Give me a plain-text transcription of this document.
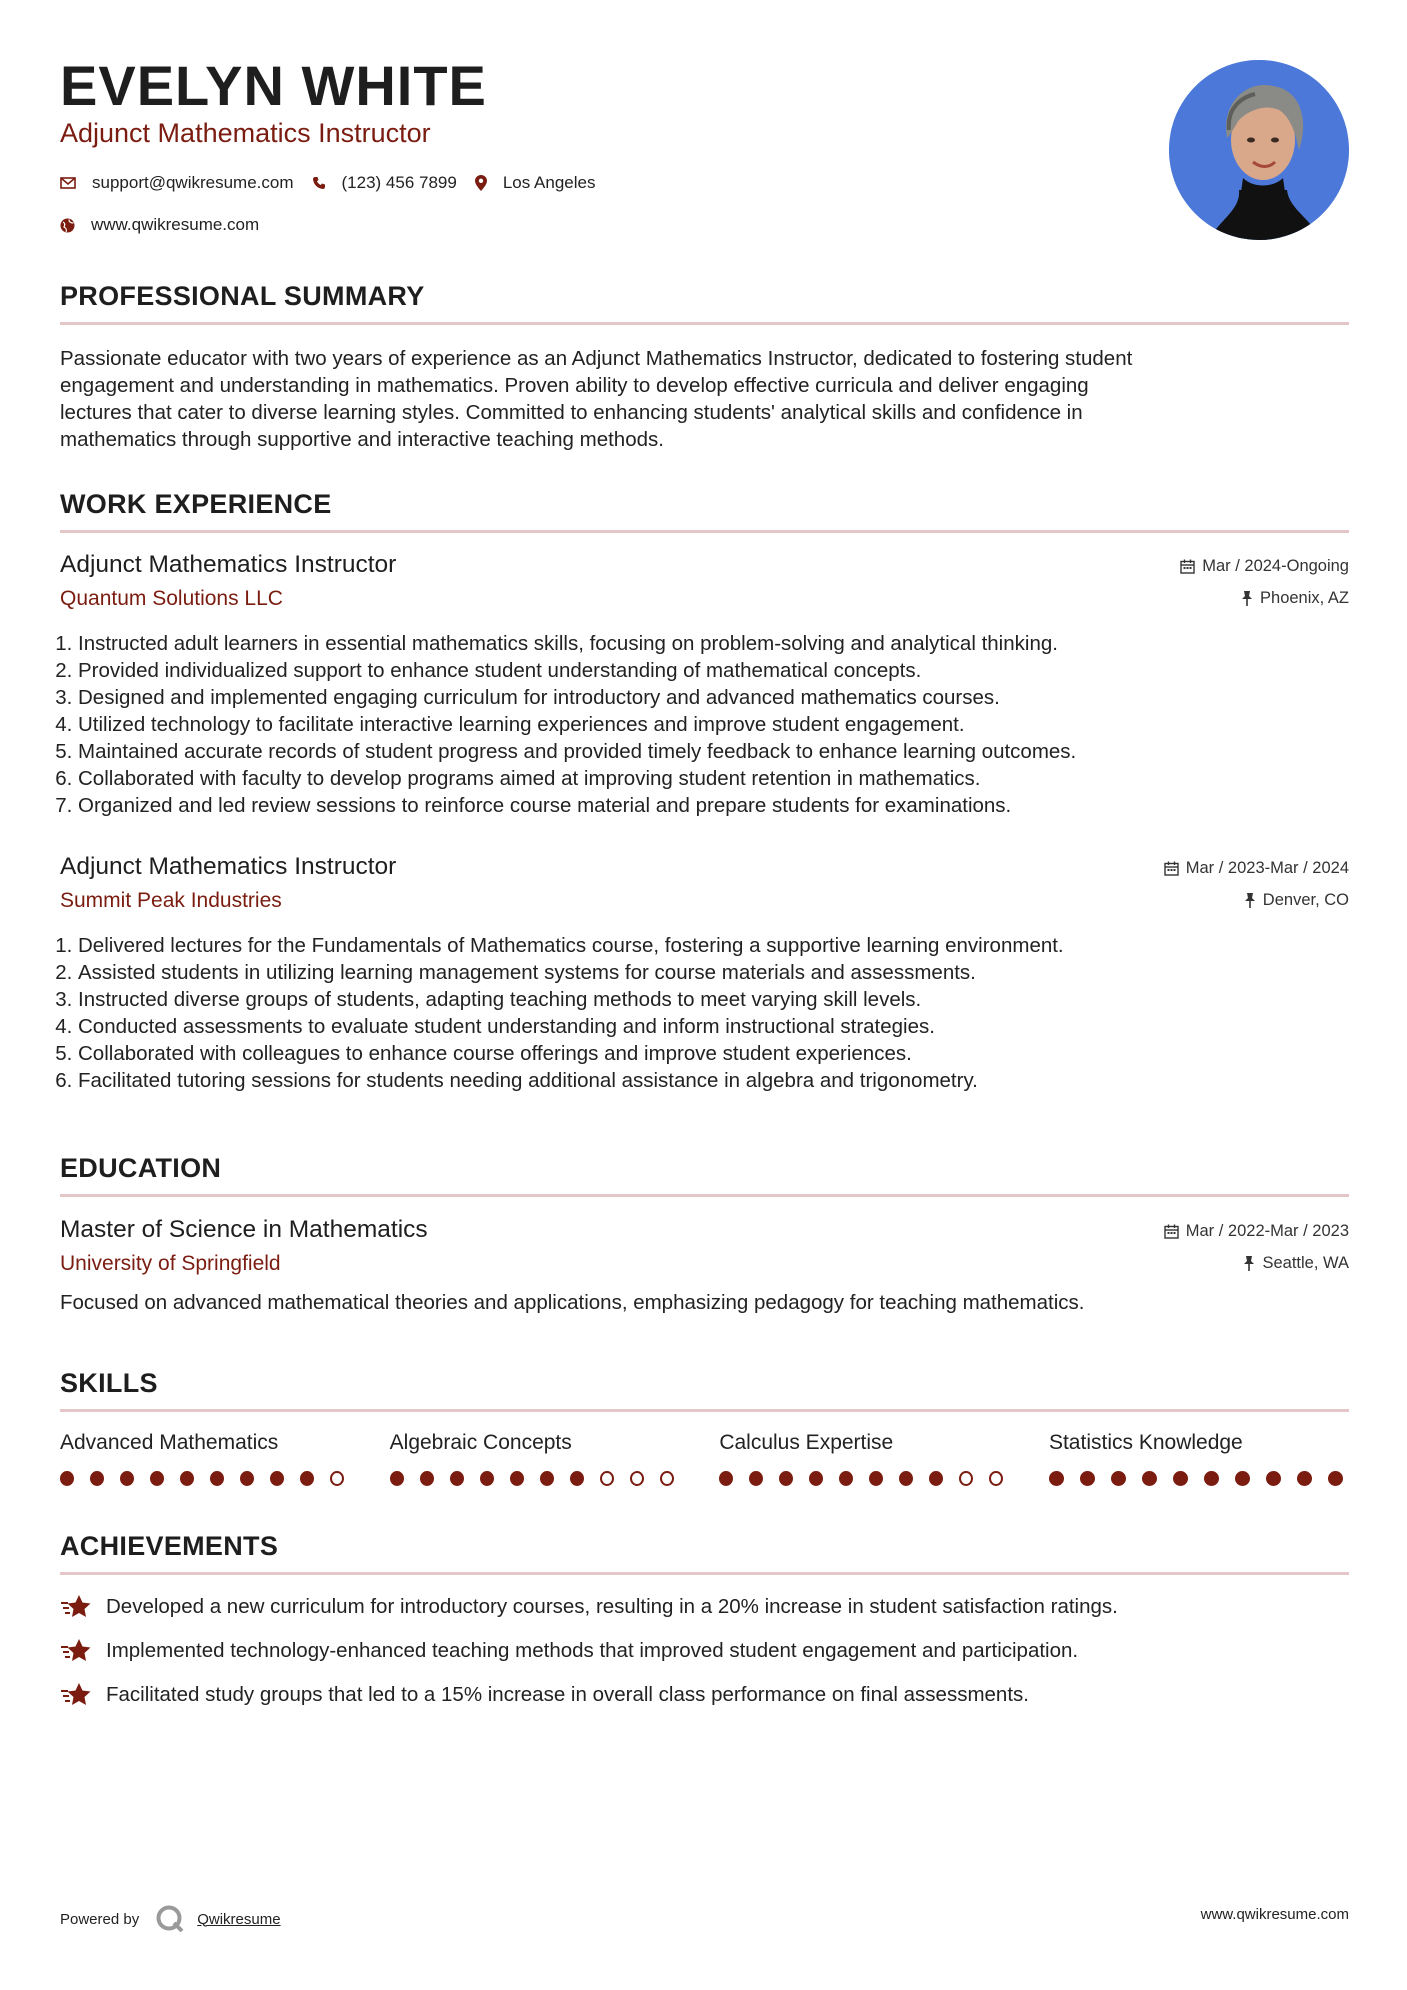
EVELYN WHITE
Adjunct Mathematics Instructor
support@qwikresume.com	(123) 456 7899	Los Angeles
www.qwikresume.com
PROFESSIONAL SUMMARY

Passionate educator with two years of experience as an Adjunct Mathematics Instructor, dedicated to fostering student
engagement and understanding in mathematics. Proven ability to develop effective curricula and deliver engaging
lectures that cater to diverse learning styles. Committed to enhancing students' analytical skills and confidence in
mathematics through supportive and interactive teaching methods.

WORK EXPERIENCE
Adjunct Mathematics Instructor
Quantum Solutions LLC
Mar / 2024-Ongoing
Phoenix, AZ
1. Instructed adult learners in essential mathematics skills, focusing on problem-solving and analytical thinking.
2. Provided individualized support to enhance student understanding of mathematical concepts.
3. Designed and implemented engaging curriculum for introductory and advanced mathematics courses.
4. Utilized technology to facilitate interactive learning experiences and improve student engagement.
5. Maintained accurate records of student progress and provided timely feedback to enhance learning outcomes.
6. Collaborated with faculty to develop programs aimed at improving student retention in mathematics.
7. Organized and led review sessions to reinforce course material and prepare students for examinations.
Adjunct Mathematics Instructor
Summit Peak Industries
Mar / 2023-Mar / 2024
Denver, CO
1. Delivered lectures for the Fundamentals of Mathematics course, fostering a supportive learning environment.
2. Assisted students in utilizing learning management systems for course materials and assessments.
3. Instructed diverse groups of students, adapting teaching methods to meet varying skill levels.
4. Conducted assessments to evaluate student understanding and inform instructional strategies.
5. Collaborated with colleagues to enhance course offerings and improve student experiences.
6. Facilitated tutoring sessions for students needing additional assistance in algebra and trigonometry.
EDUCATION
Master of Science in Mathematics
University of Springfield
Mar / 2022-Mar / 2023
Seattle, WA

Focused on advanced mathematical theories and applications, emphasizing pedagogy for teaching mathematics.

SKILLS
Advanced Mathematics	Algebraic Concepts	Calculus Expertise	Statistics Knowledge
ACHIEVEMENTS
Developed a new curriculum for introductory courses, resulting in a 20% increase in student satisfaction ratings.
Implemented technology-enhanced teaching methods that improved student engagement and participation.
Facilitated study groups that led to a 15% increase in overall class performance on final assessments.
Powered by	Qwikresume	www.qwikresume.com
